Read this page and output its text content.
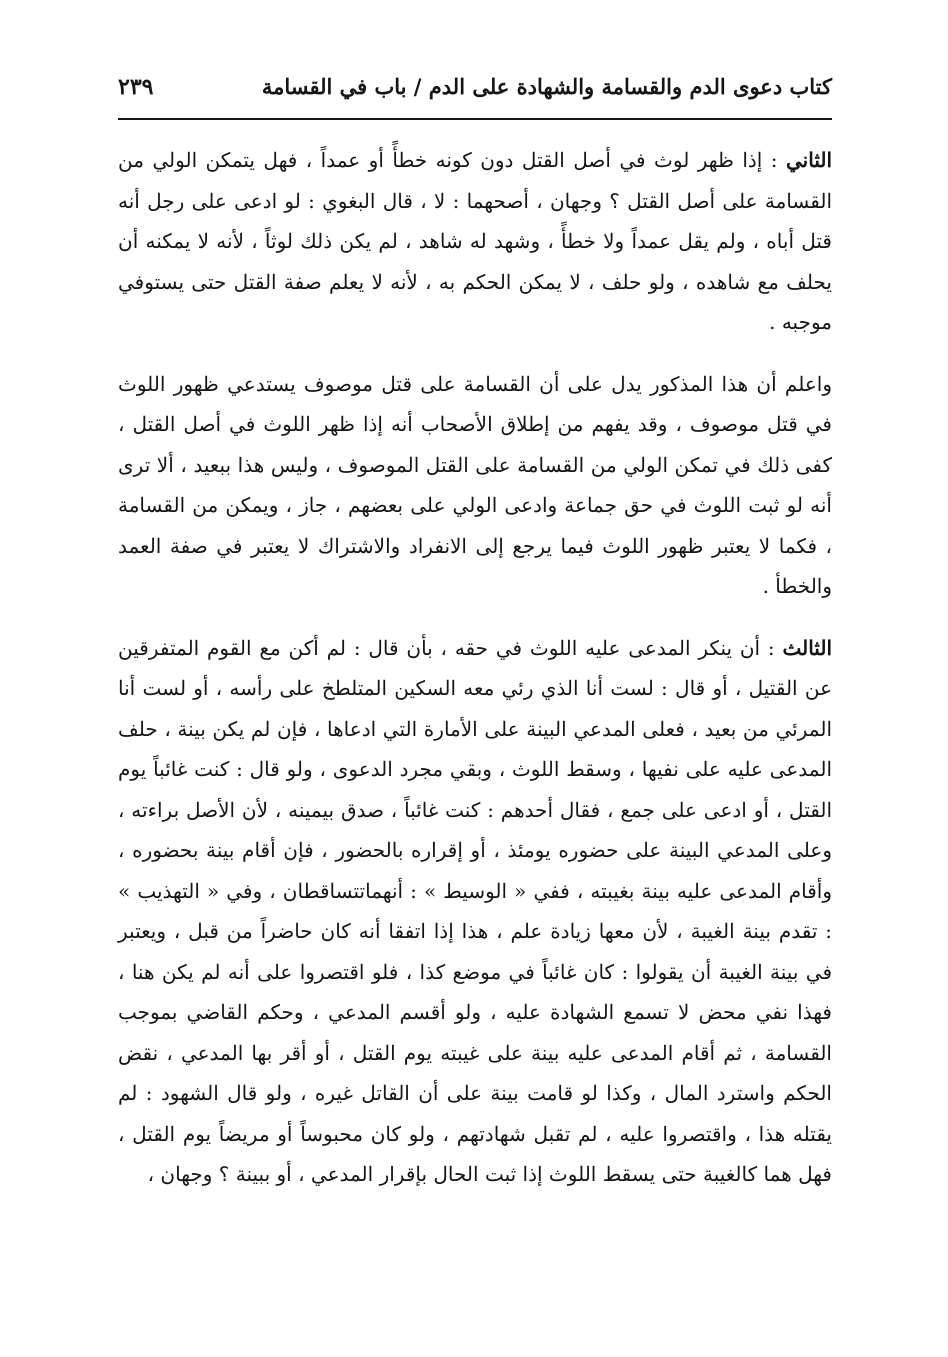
كتاب دعوى الدم والقسامة والشهادة على الدم / باب في القسامة
٢٣٩

الثاني : إذا ظهر لوث في أصل القتل دون كونه خطأً أو عمداً ، فهل يتمكن الولي من القسامة على أصل القتل ؟ وجهان ، أصحهما : لا ، قال البغوي : لو ادعى على رجل أنه قتل أباه ، ولم يقل عمداً ولا خطأً ، وشهد له شاهد ، لم يكن ذلك لوثاً ، لأنه لا يمكنه أن يحلف مع شاهده ، ولو حلف ، لا يمكن الحكم به ، لأنه لا يعلم صفة القتل حتى يستوفي موجبه .

واعلم أن هذا المذكور يدل على أن القسامة على قتل موصوف يستدعي ظهور اللوث في قتل موصوف ، وقد يفهم من إطلاق الأصحاب أنه إذا ظهر اللوث في أصل القتل ، كفى ذلك في تمكن الولي من القسامة على القتل الموصوف ، وليس هذا ببعيد ، ألا ترى أنه لو ثبت اللوث في حق جماعة وادعى الولي على بعضهم ، جاز ، ويمكن من القسامة ، فكما لا يعتبر ظهور اللوث فيما يرجع إلى الانفراد والاشتراك لا يعتبر في صفة العمد والخطأ .

الثالث : أن ينكر المدعى عليه اللوث في حقه ، بأن قال : لم أكن مع القوم المتفرقين عن القتيل ، أو قال : لست أنا الذي رئي معه السكين المتلطخ على رأسه ، أو لست أنا المرئي من بعيد ، فعلى المدعي البينة على الأمارة التي ادعاها ، فإن لم يكن بينة ، حلف المدعى عليه على نفيها ، وسقط اللوث ، وبقي مجرد الدعوى ، ولو قال : كنت غائباً يوم القتل ، أو ادعى على جمع ، فقال أحدهم : كنت غائباً ، صدق بيمينه ، لأن الأصل براءته ، وعلى المدعي البينة على حضوره يومئذ ، أو إقراره بالحضور ، فإن أقام بينة بحضوره ، وأقام المدعى عليه بينة بغيبته ، ففي « الوسيط » : أنهماتتساقطان ، وفي « التهذيب » : تقدم بينة الغيبة ، لأن معها زيادة علم ، هذا إذا اتفقا أنه كان حاضراً من قبل ، ويعتبر في بينة الغيبة أن يقولوا : كان غائباً في موضع كذا ، فلو اقتصروا على أنه لم يكن هنا ، فهذا نفي محض لا تسمع الشهادة عليه ، ولو أقسم المدعي ، وحكم القاضي بموجب القسامة ، ثم أقام المدعى عليه بينة على غيبته يوم القتل ، أو أقر بها المدعي ، نقض الحكم واسترد المال ، وكذا لو قامت بينة على أن القاتل غيره ، ولو قال الشهود : لم يقتله هذا ، واقتصروا عليه ، لم تقبل شهادتهم ، ولو كان محبوساً أو مريضاً يوم القتل ، فهل هما كالغيبة حتى يسقط اللوث إذا ثبت الحال بإقرار المدعي ، أو ببينة ؟ وجهان ،
